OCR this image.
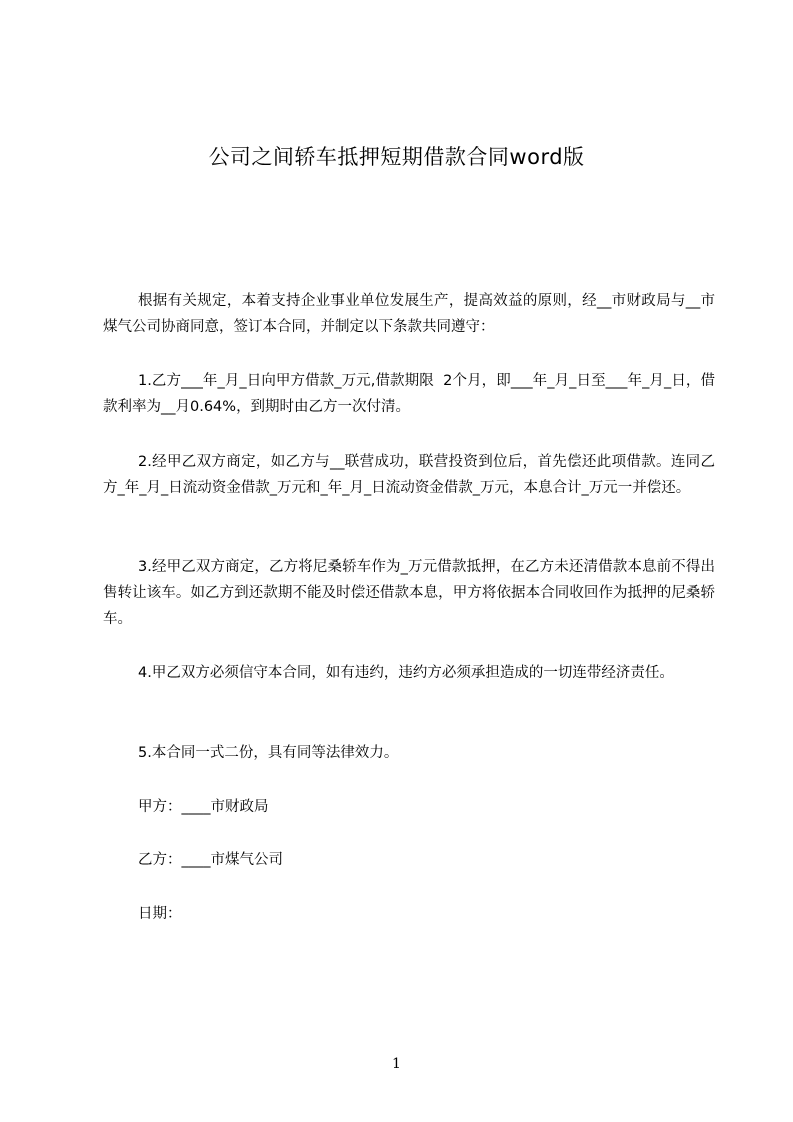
公司之间轿车抵押短期借款合同word版

根据有关规定，本着支持企业事业单位发展生产，提高效益的原则，经__市财政局与__市煤气公司协商同意，签订本合同，并制定以下条款共同遵守：

1.乙方___年_月_日向甲方借款_万元,借款期限  2个月，即___年_月_日至___年_月_日，借款利率为__月0.64%，到期时由乙方一次付清。

2.经甲乙双方商定，如乙方与__联营成功，联营投资到位后，首先偿还此项借款。连同乙方_年_月_日流动资金借款_万元和_年_月_日流动资金借款_万元，本息合计_万元一并偿还。

3.经甲乙双方商定，乙方将尼桑轿车作为_万元借款抵押，在乙方未还清借款本息前不得出售转让该车。如乙方到还款期不能及时偿还借款本息，甲方将依据本合同收回作为抵押的尼桑轿车。

4.甲乙双方必须信守本合同，如有违约，违约方必须承担造成的一切连带经济责任。

5.本合同一式二份，具有同等法律效力。

甲方：____市财政局

乙方：____市煤气公司

日期：

1
